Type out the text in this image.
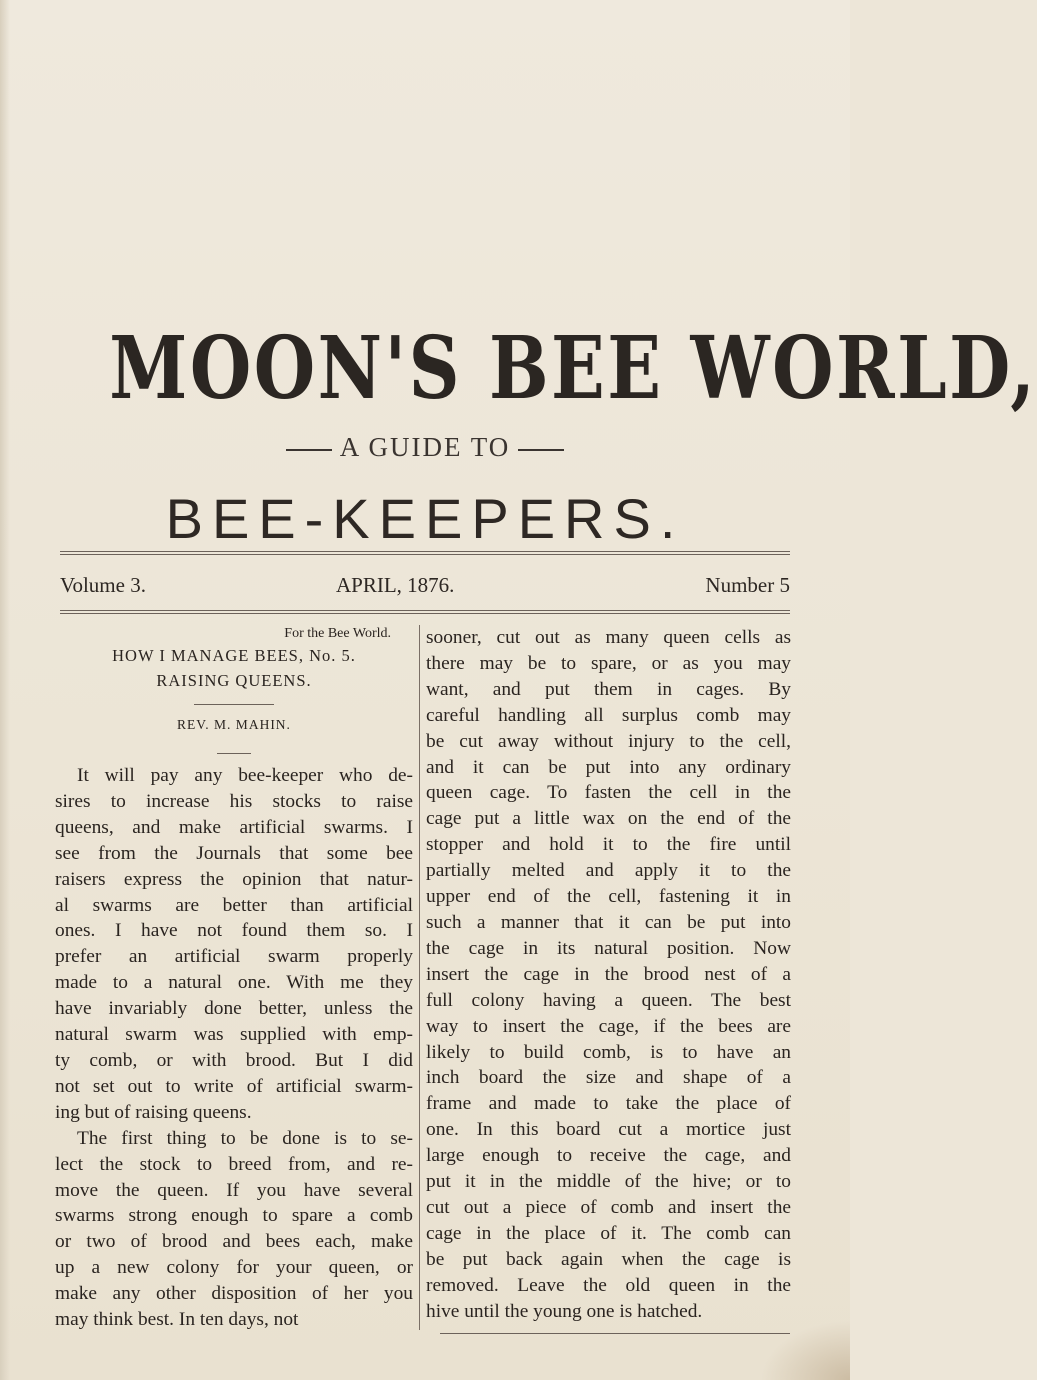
MOON'S BEE WORLD,
A GUIDE TO
BEE-KEEPERS.
Volume 3.	APRIL, 1876.	Number 5
For the Bee World.
HOW I MANAGE BEES, No. 5.
RAISING QUEENS.
REV. M. MAHIN.
It will pay any bee-keeper who de-
sires to increase his stocks to raise
queens, and make artificial swarms. I
see from the Journals that some bee
raisers express the opinion that natur-
al swarms are better than artificial
ones. I have not found them so. I
prefer an artificial swarm properly
made to a natural one. With me they
have invariably done better, unless the
natural swarm was supplied with emp-
ty comb, or with brood. But I did
not set out to write of artificial swarm-
ing but of raising queens.
The first thing to be done is to se-
lect the stock to breed from, and re-
move the queen. If you have several
swarms strong enough to spare a comb
or two of brood and bees each, make
up a new colony for your queen, or
make any other disposition of her you
may think best. In ten days, not
sooner, cut out as many queen cells as
there may be to spare, or as you may
want, and put them in cages. By
careful handling all surplus comb may
be cut away without injury to the cell,
and it can be put into any ordinary
queen cage. To fasten the cell in the
cage put a little wax on the end of the
stopper and hold it to the fire until
partially melted and apply it to the
upper end of the cell, fastening it in
such a manner that it can be put into
the cage in its natural position. Now
insert the cage in the brood nest of a
full colony having a queen. The best
way to insert the cage, if the bees are
likely to build comb, is to have an
inch board the size and shape of a
frame and made to take the place of
one. In this board cut a mortice just
large enough to receive the cage, and
put it in the middle of the hive; or to
cut out a piece of comb and insert the
cage in the place of it. The comb can
be put back again when the cage is
removed. Leave the old queen in the
hive until the young one is hatched.
